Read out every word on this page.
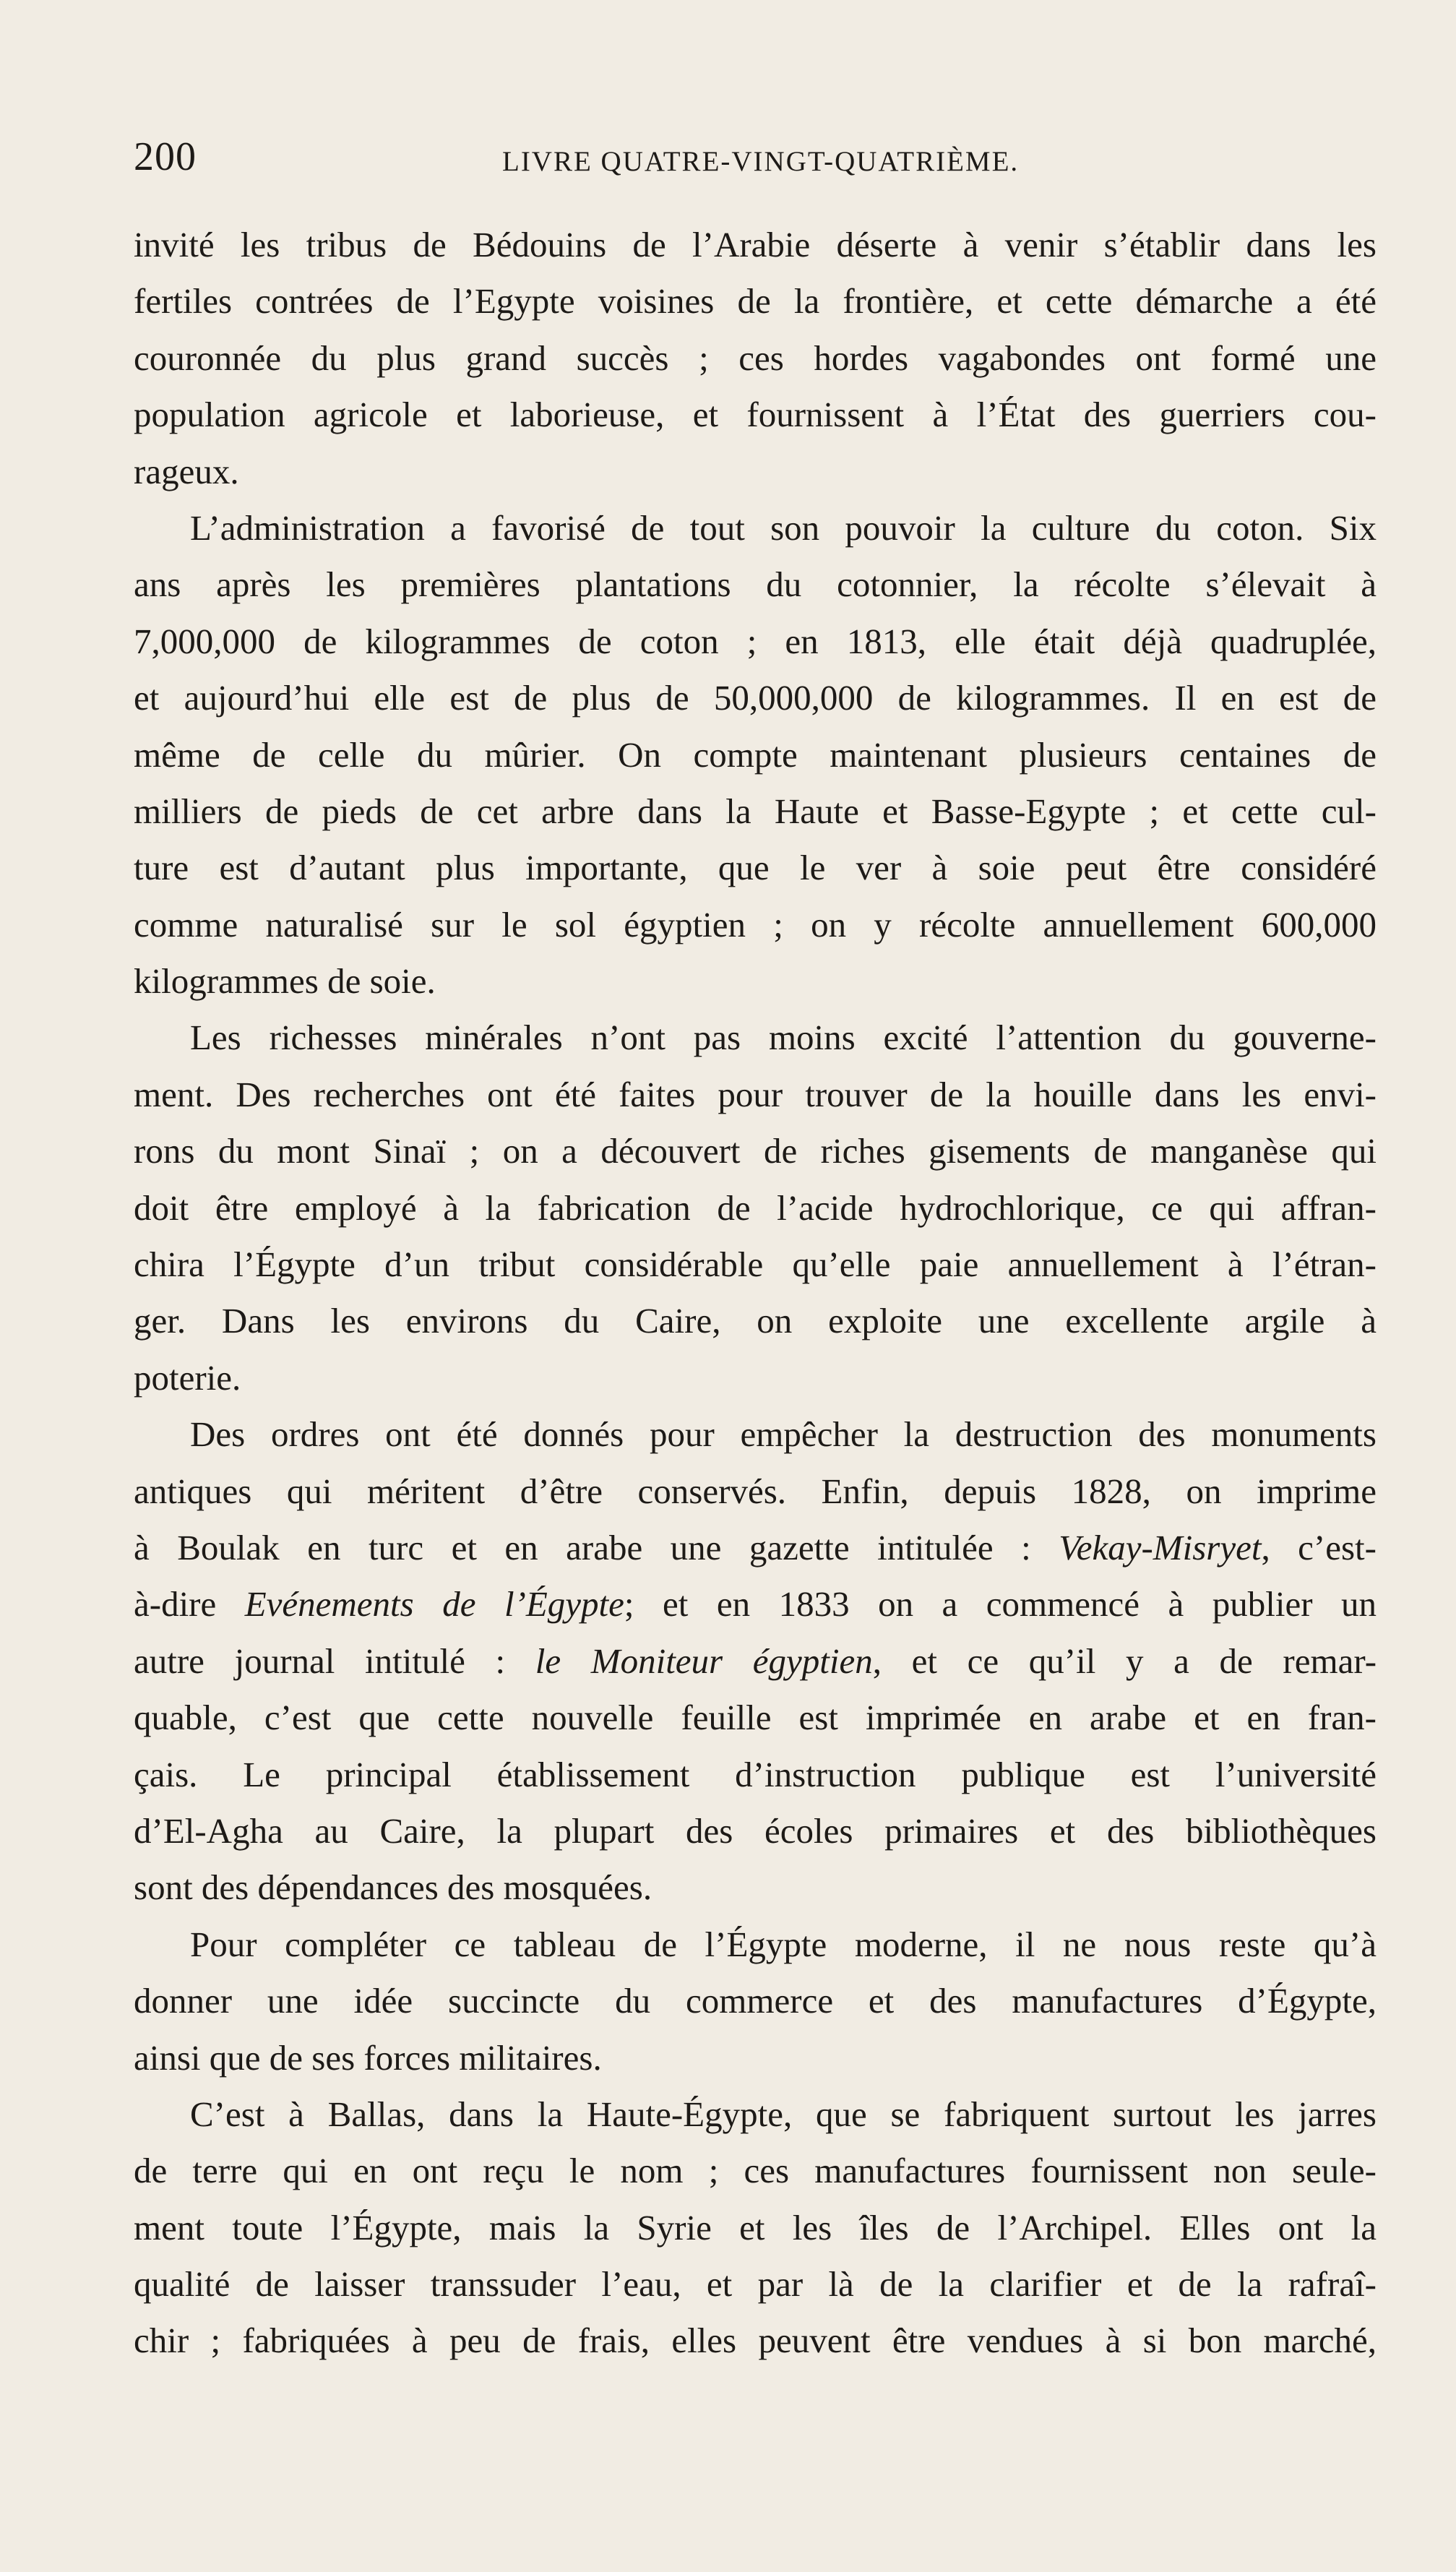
200	LIVRE QUATRE-VINGT-QUATRIÈME.
invité les tribus de Bédouins de l’Arabie déserte à venir s’établir dans les
fertiles contrées de l’Egypte voisines de la frontière, et cette démarche a été
couronnée du plus grand succès ; ces hordes vagabondes ont formé une
population agricole et laborieuse, et fournissent à l’État des guerriers cou-
rageux.
L’administration a favorisé de tout son pouvoir la culture du coton. Six
ans après les premières plantations du cotonnier, la récolte s’élevait à
7,000,000 de kilogrammes de coton ; en 1813, elle était déjà quadruplée,
et aujourd’hui elle est de plus de 50,000,000 de kilogrammes. Il en est de
même de celle du mûrier. On compte maintenant plusieurs centaines de
milliers de pieds de cet arbre dans la Haute et Basse-Egypte ; et cette cul-
ture est d’autant plus importante, que le ver à soie peut être considéré
comme naturalisé sur le sol égyptien ; on y récolte annuellement 600,000
kilogrammes de soie.
Les richesses minérales n’ont pas moins excité l’attention du gouverne-
ment. Des recherches ont été faites pour trouver de la houille dans les envi-
rons du mont Sinaï ; on a découvert de riches gisements de manganèse qui
doit être employé à la fabrication de l’acide hydrochlorique, ce qui affran-
chira l’Égypte d’un tribut considérable qu’elle paie annuellement à l’étran-
ger. Dans les environs du Caire, on exploite une excellente argile à
poterie.
Des ordres ont été donnés pour empêcher la destruction des monuments
antiques qui méritent d’être conservés. Enfin, depuis 1828, on imprime
à Boulak en turc et en arabe une gazette intitulée : Vekay-Misryet, c’est-
à-dire Evénements de l’Égypte; et en 1833 on a commencé à publier un
autre journal intitulé : le Moniteur égyptien, et ce qu’il y a de remar-
quable, c’est que cette nouvelle feuille est imprimée en arabe et en fran-
çais. Le principal établissement d’instruction publique est l’université
d’El-Agha au Caire, la plupart des écoles primaires et des bibliothèques
sont des dépendances des mosquées.
Pour compléter ce tableau de l’Égypte moderne, il ne nous reste qu’à
donner une idée succincte du commerce et des manufactures d’Égypte,
ainsi que de ses forces militaires.
C’est à Ballas, dans la Haute-Égypte, que se fabriquent surtout les jarres
de terre qui en ont reçu le nom ; ces manufactures fournissent non seule-
ment toute l’Égypte, mais la Syrie et les îles de l’Archipel. Elles ont la
qualité de laisser transsuder l’eau, et par là de la clarifier et de la rafraî-
chir ; fabriquées à peu de frais, elles peuvent être vendues à si bon marché,
